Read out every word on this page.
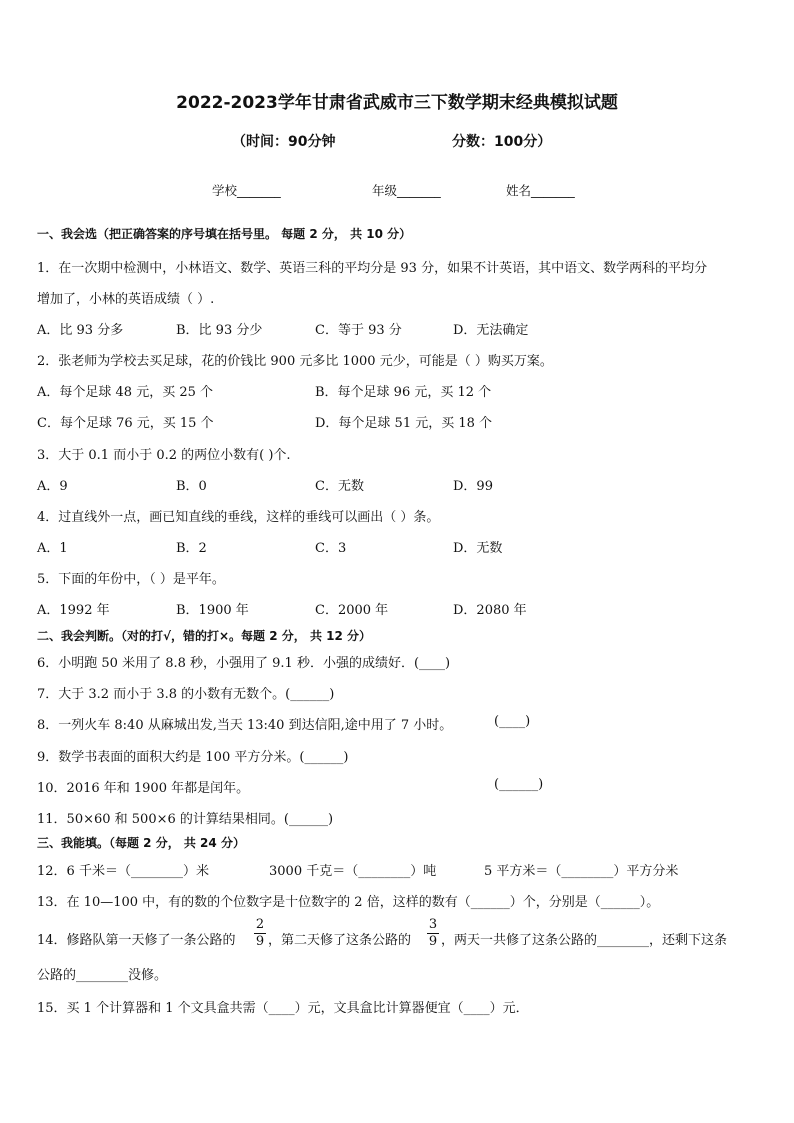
2022-2023学年甘肃省武威市三下数学期末经典模拟试题
（时间：90分钟	分数：100分）
学校_______	年级_______	姓名_______
一、我会选（把正确答案的序号填在括号里。 每题 2 分， 共 10 分）
1．在一次期中检测中，小林语文、数学、英语三科的平均分是 93 分，如果不计英语，其中语文、数学两科的平均分
增加了，小林的英语成绩（ ）.
A．比 93 分多	B．比 93 分少	C．等于 93 分	D．无法确定
2．张老师为学校去买足球，花的价钱比 900 元多比 1000 元少，可能是（ ）购买万案。
A．每个足球 48 元，买 25 个	B．每个足球 96 元，买 12 个
C．每个足球 76 元，买 15 个	D．每个足球 51 元，买 18 个
3．大于 0.1 而小于 0.2 的两位小数有( )个.
A．9	B．0	C．无数	D．99
4．过直线外一点，画已知直线的垂线，这样的垂线可以画出（ ）条。
A．1	B．2	C．3	D．无数
5．下面的年份中，（ ）是平年。
A．1992 年	B．1900 年	C．2000 年	D．2080 年
二、我会判断。（对的打√，错的打×。每题 2 分， 共 12 分）
6．小明跑 50 米用了 8.8 秒，小强用了 9.1 秒．小强的成绩好．(____)
7．大于 3.2 而小于 3.8 的小数有无数个。(______)
8．一列火车 8:40 从麻城出发,当天 13:40 到达信阳,途中用了 7 小时。	(____)
9．数学书表面的面积大约是 100 平方分米。(______)
10．2016 年和 1900 年都是闰年。	(______)
11．50×60 和 500×6 的计算结果相同。(______)
三、我能填。（每题 2 分， 共 24 分）
12．6 千米＝（________）米	3000 千克＝（________）吨	5 平方米＝（________）平方分米
13．在 10—100 中，有的数的个位数字是十位数字的 2 倍，这样的数有（______）个，分别是（______）。
14．修路队第一天修了一条公路的
2
9 ，第二天修了这条公路的
3
9 ，两天一共修了这条公路的________，还剩下这条
公路的________没修。
15．买 1 个计算器和 1 个文具盒共需（____）元，文具盒比计算器便宜（____）元．
